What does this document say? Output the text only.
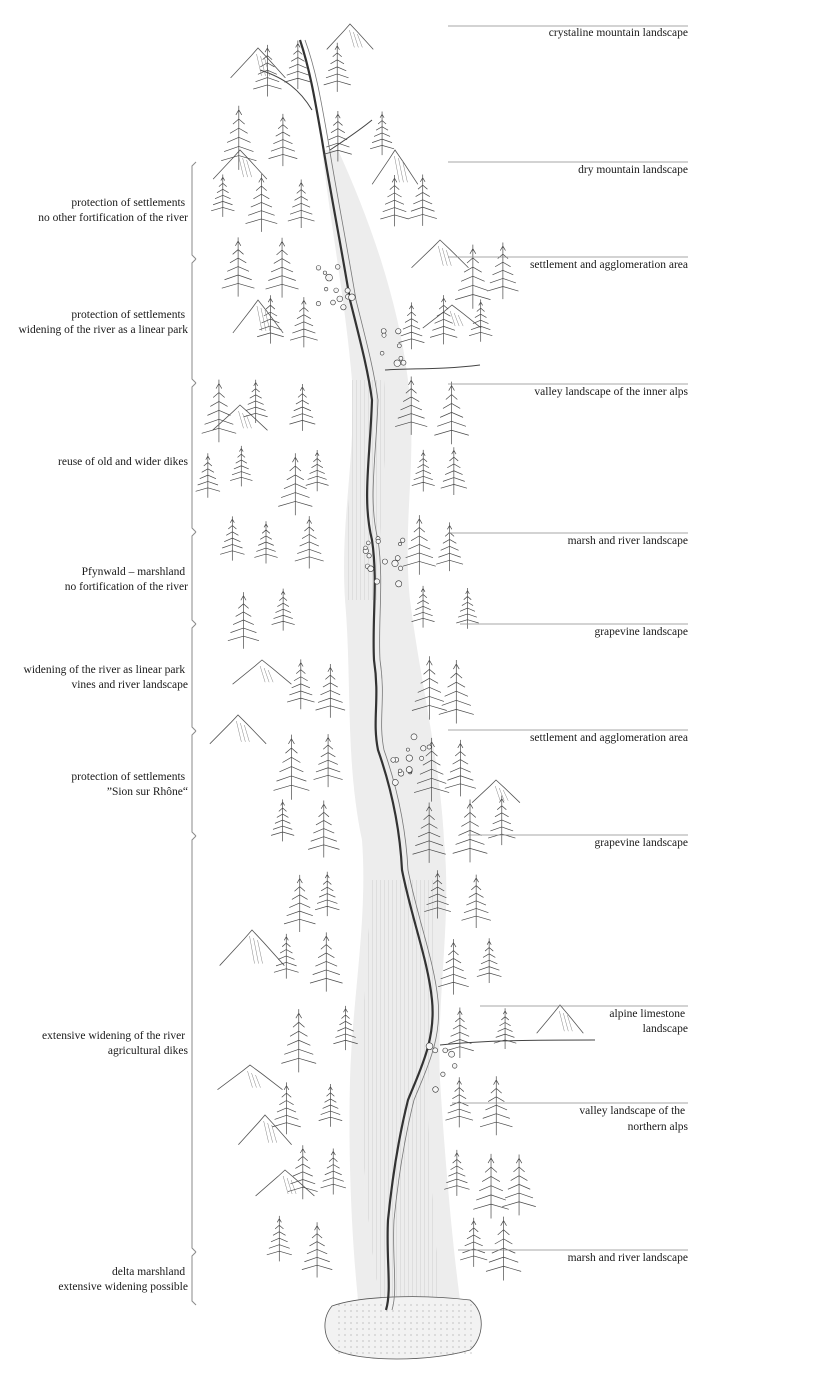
protection of settlements no other fortification of the river
protection of settlements widening of the river as a linear park
reuse of old and wider dikes
Pfynwald – marshland no fortification of the river
widening of the river as linear park vines and river landscape
protection of settlements ”Sion sur Rhône“
extensive widening of the river agricultural dikes
delta marshland extensive widening possible
crystaline mountain landscape
dry mountain landscape
settlement and agglomeration area
valley landscape of the inner alps
marsh and river landscape
grapevine landscape
settlement and agglomeration area
grapevine landscape
alpine limestone landscape
valley landscape of the northern alps
marsh and river landscape
